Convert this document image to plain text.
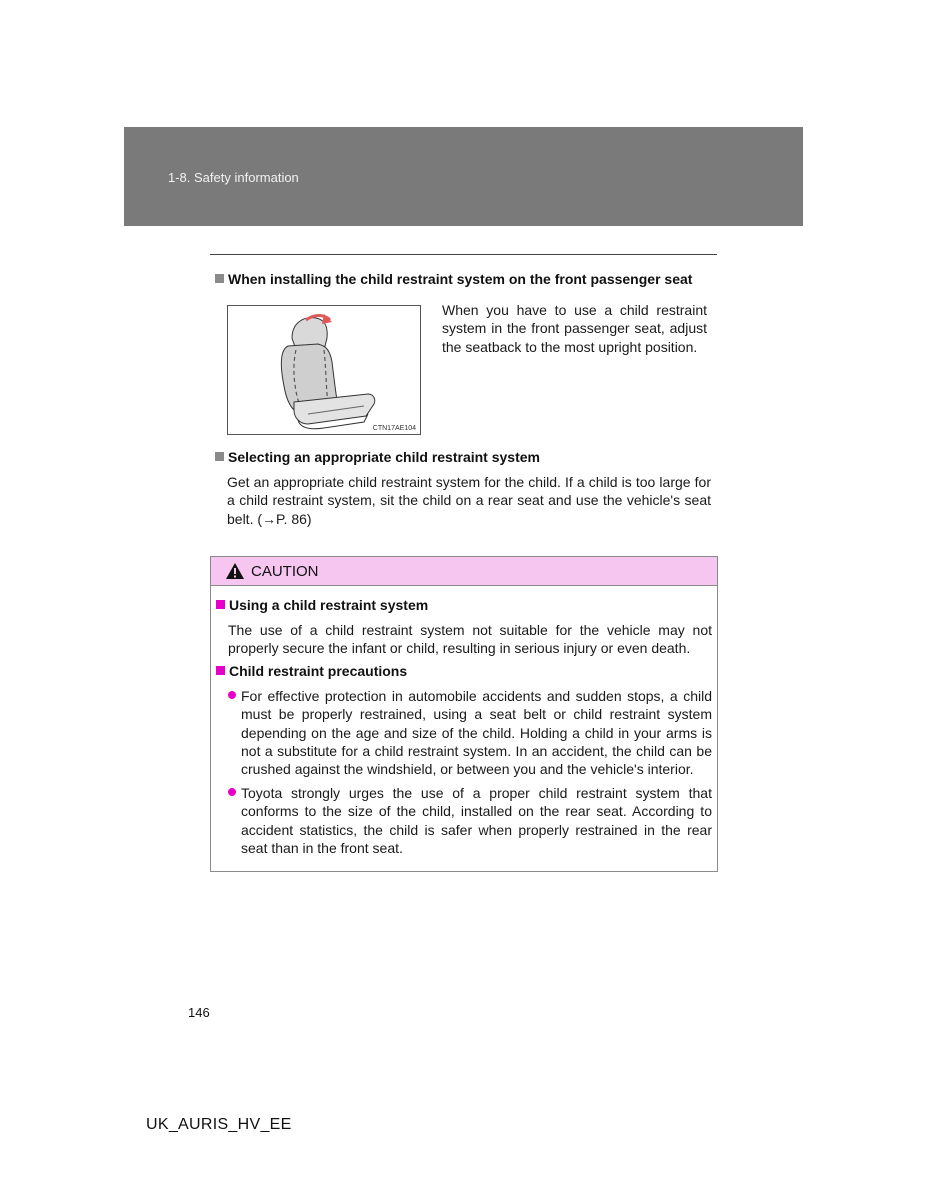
1-8. Safety information
When installing the child restraint system on the front passenger seat
CTN17AE104
When you have to use a child restraint system in the front passenger seat, adjust the seatback to the most upright position.
Selecting an appropriate child restraint system
Get an appropriate child restraint system for the child. If a child is too large for a child restraint system, sit the child on a rear seat and use the vehicle's seat belt. (→P. 86)
CAUTION
Using a child restraint system
The use of a child restraint system not suitable for the vehicle may not properly secure the infant or child, resulting in serious injury or even death.
Child restraint precautions
For effective protection in automobile accidents and sudden stops, a child must be properly restrained, using a seat belt or child restraint system depending on the age and size of the child. Holding a child in your arms is not a substitute for a child restraint system. In an accident, the child can be crushed against the windshield, or between you and the vehicle's interior.
Toyota strongly urges the use of a proper child restraint system that conforms to the size of the child, installed on the rear seat. According to accident statistics, the child is safer when properly restrained in the rear seat than in the front seat.
146
UK_AURIS_HV_EE
